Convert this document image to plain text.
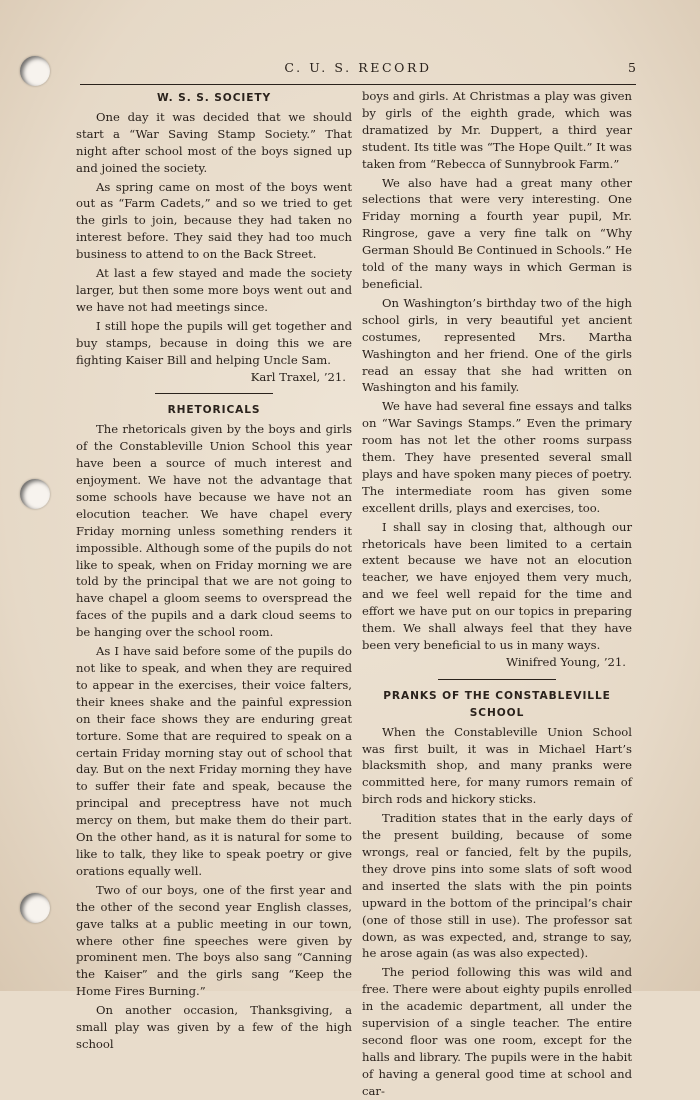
C. U. S. RECORD	5
W. S. S. SOCIETY

One day it was decided that we should start a “War Saving Stamp Society.” That night after school most of the boys signed up and joined the society.

As spring came on most of the boys went out as “Farm Cadets,” and so we tried to get the girls to join, because they had taken no interest before. They said they had too much business to attend to on the Back Street.

At last a few stayed and made the society larger, but then some more boys went out and we have not had meetings since.

I still hope the pupils will get together and buy stamps, because in doing this we are fighting Kaiser Bill and helping Uncle Sam.

Karl Traxel, ’21.

RHETORICALS

The rhetoricals given by the boys and girls of the Constableville Union School this year have been a source of much interest and enjoyment. We have not the advantage that some schools have because we have not an elocution teacher. We have chapel every Friday morning unless something renders it impossible. Although some of the pupils do not like to speak, when on Friday morning we are told by the principal that we are not going to have chapel a gloom seems to overspread the faces of the pupils and a dark cloud seems to be hanging over the school room.

As I have said before some of the pupils do not like to speak, and when they are required to appear in the exercises, their voice falters, their knees shake and the painful expression on their face shows they are enduring great torture. Some that are required to speak on a certain Friday morning stay out of school that day. But on the next Friday morning they have to suffer their fate and speak, because the principal and preceptress have not much mercy on them, but make them do their part. On the other hand, as it is natural for some to like to talk, they like to speak poetry or give orations equally well.

Two of our boys, one of the first year and the other of the second year English classes, gave talks at a public meeting in our town, where other fine speeches were given by prominent men. The boys also sang “Canning the Kaiser” and the girls sang “Keep the Home Fires Burning.”

On another occasion, Thanksgiving, a small play was given by a few of the high school

boys and girls. At Christmas a play was given by girls of the eighth grade, which was dramatized by Mr. Duppert, a third year student. Its title was “The Hope Quilt.” It was taken from “Rebecca of Sunnybrook Farm.”

We also have had a great many other selections that were very interesting. One Friday morning a fourth year pupil, Mr. Ringrose, gave a very fine talk on “Why German Should Be Continued in Schools.” He told of the many ways in which German is beneficial.

On Washington’s birthday two of the high school girls, in very beautiful yet ancient costumes, represented Mrs. Martha Washington and her friend. One of the girls read an essay that she had written on Washington and his family.

We have had several fine essays and talks on “War Savings Stamps.” Even the primary room has not let the other rooms surpass them. They have presented several small plays and have spoken many pieces of poetry. The intermediate room has given some excellent drills, plays and exercises, too.

I shall say in closing that, although our rhetoricals have been limited to a certain extent because we have not an elocution teacher, we have enjoyed them very much, and we feel well repaid for the time and effort we have put on our topics in preparing them. We shall always feel that they have been very beneficial to us in many ways.

Winifred Young, ’21.

PRANKS OF THE CONSTABLEVILLE
SCHOOL

When the Constableville Union School was first built, it was in Michael Hart’s blacksmith shop, and many pranks were committed here, for many rumors remain of birch rods and hickory sticks.

Tradition states that in the early days of the present building, because of some wrongs, real or fancied, felt by the pupils, they drove pins into some slats of soft wood and inserted the slats with the pin points upward in the bottom of the principal’s chair (one of those still in use). The professor sat down, as was expected, and, strange to say, he arose again (as was also expected).

The period following this was wild and free. There were about eighty pupils enrolled in the academic department, all under the supervision of a single teacher. The entire second floor was one room, except for the halls and library. The pupils were in the habit of having a general good time at school and car-
